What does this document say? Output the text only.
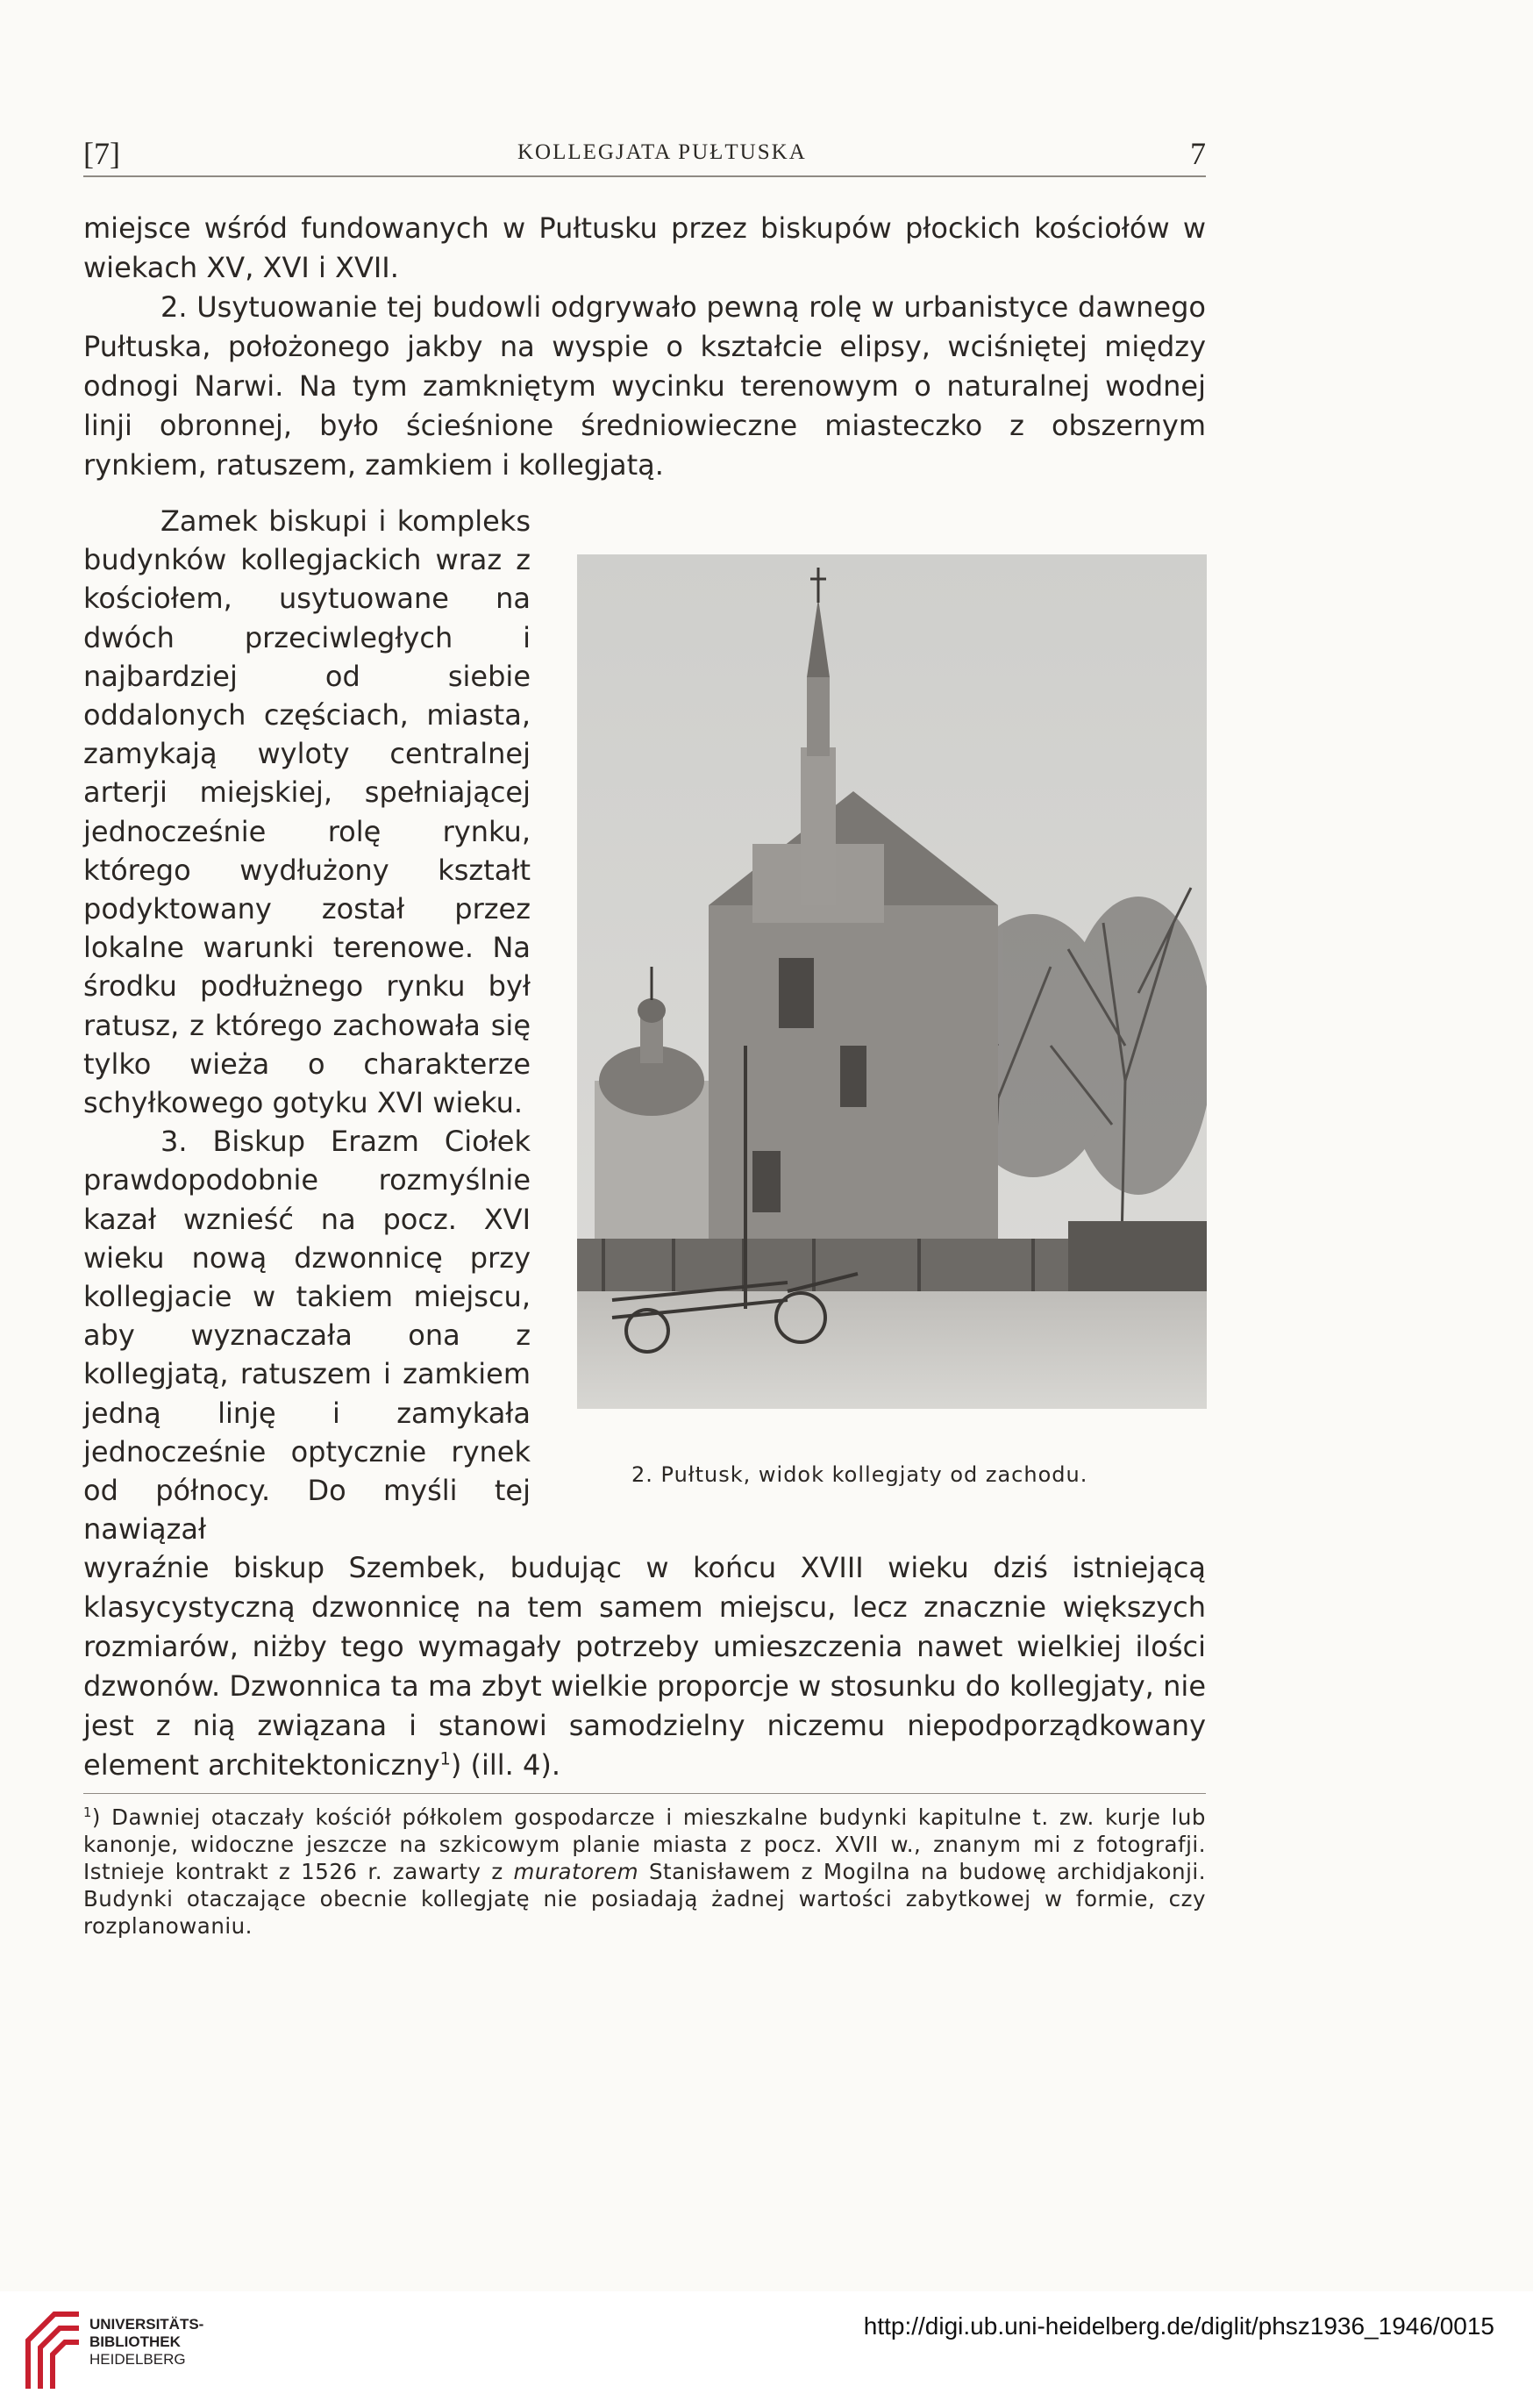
[7]	KOLLEGJATA PUŁTUSKA	7

miejsce wśród fundowanych w Pułtusku przez biskupów płockich kościołów w wiekach XV, XVI i XVII.

2. Usytuowanie tej budowli odgrywało pewną rolę w urbanistyce dawnego Pułtuska, położonego jakby na wyspie o kształcie elipsy, wciśniętej między odnogi Narwi. Na tym zamkniętym wycinku terenowym o naturalnej wodnej linji obronnej, było ścieśnione średniowieczne miasteczko z obszernym rynkiem, ratuszem, zamkiem i kollegjatą.

Zamek biskupi i kompleks budynków kollegjackich wraz z kościołem, usytuowane na dwóch przeciwległych i najbardziej od siebie oddalonych częściach, miasta, zamykają wyloty centralnej arterji miejskiej, spełniającej jednocześnie rolę rynku, którego wydłużony kształt podyktowany został przez lokalne warunki terenowe. Na środku podłużnego rynku był ratusz, z którego zachowała się tylko wieża o charakterze schyłkowego gotyku XVI wieku.

3. Biskup Erazm Ciołek prawdopodobnie rozmyślnie kazał wznieść na pocz. XVI wieku nową dzwonnicę przy kollegjacie w takiem miejscu, aby wyznaczała ona z kollegjatą, ratuszem i zamkiem jedną linję i zamykała jednocześnie optycznie rynek od północy. Do myśli tej nawiązał

2. Pułtusk, widok kollegjaty od zachodu.

wyraźnie biskup Szembek, budując w końcu XVIII wieku dziś istniejącą klasycystyczną dzwonnicę na tem samem miejscu, lecz znacznie większych rozmiarów, niżby tego wymagały potrzeby umieszczenia nawet wielkiej ilości dzwonów. Dzwonnica ta ma zbyt wielkie proporcje w stosunku do kollegjaty, nie jest z nią związana i stanowi samodzielny niczemu niepodporządkowany element architektoniczny$^1$) (ill. 4).

$^1$) Dawniej otaczały kościół półkolem gospodarcze i mieszkalne budynki kapitulne t. zw. kurje lub kanonje, widoczne jeszcze na szkicowym planie miasta z pocz. XVII w., znanym mi z fotografji. Istnieje kontrakt z 1526 r. zawarty z muratorem Stanisławem z Mogilna na budowę archidjakonji. Budynki otaczające obecnie kollegjatę nie posiadają żadnej wartości zabytkowej w formie, czy rozplanowaniu.

UNIVERSITÄTS-
BIBLIOTHEK
HEIDELBERG
http://digi.ub.uni-heidelberg.de/diglit/phsz1936_1946/0015
